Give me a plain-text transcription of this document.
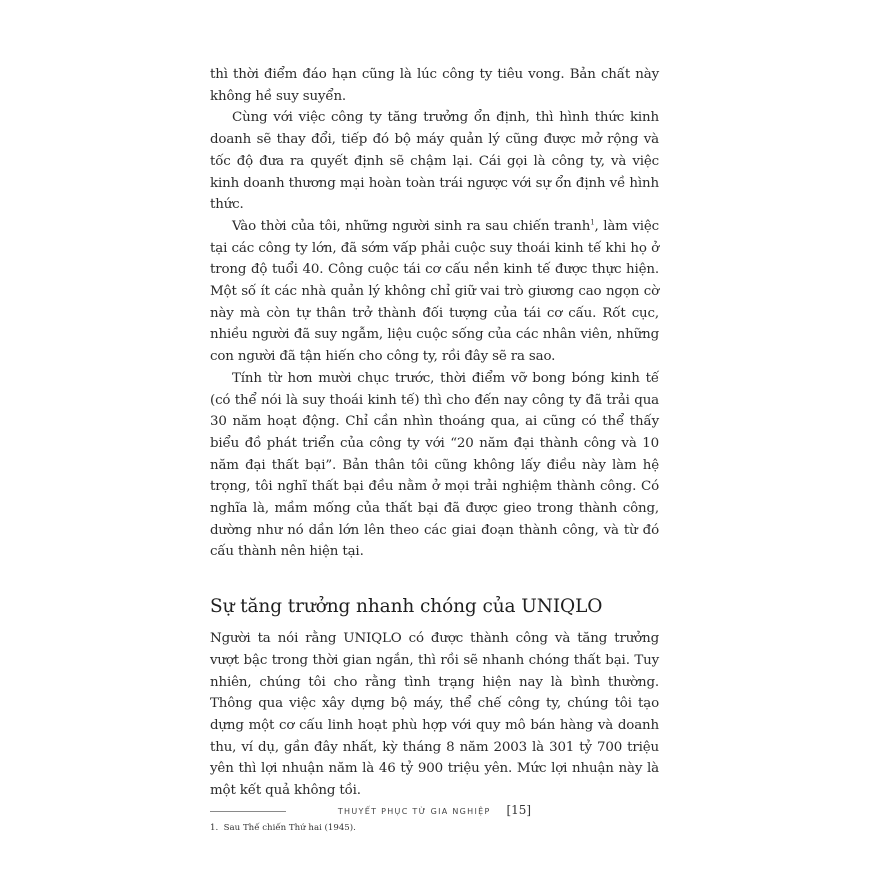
thì thời điểm đáo hạn cũng là lúc công ty tiêu vong. Bản chất này không hề suy suyển.

Cùng với việc công ty tăng trưởng ổn định, thì hình thức kinh doanh sẽ thay đổi, tiếp đó bộ máy quản lý cũng được mở rộng và tốc độ đưa ra quyết định sẽ chậm lại. Cái gọi là công ty, và việc kinh doanh thương mại hoàn toàn trái ngược với sự ổn định về hình thức.

Vào thời của tôi, những người sinh ra sau chiến tranh$^1$, làm việc tại các công ty lớn, đã sớm vấp phải cuộc suy thoái kinh tế khi họ ở trong độ tuổi 40. Công cuộc tái cơ cấu nền kinh tế được thực hiện. Một số ít các nhà quản lý không chỉ giữ vai trò giương cao ngọn cờ này mà còn tự thân trở thành đối tượng của tái cơ cấu. Rốt cục, nhiều người đã suy ngẫm, liệu cuộc sống của các nhân viên, những con người đã tận hiến cho công ty, rồi đây sẽ ra sao.

Tính từ hơn mười chục trước, thời điểm vỡ bong bóng kinh tế (có thể nói là suy thoái kinh tế) thì cho đến nay công ty đã trải qua 30 năm hoạt động. Chỉ cần nhìn thoáng qua, ai cũng có thể thấy biểu đồ phát triển của công ty với “20 năm đại thành công và 10 năm đại thất bại”. Bản thân tôi cũng không lấy điều này làm hệ trọng, tôi nghĩ thất bại đều nằm ở mọi trải nghiệm thành công. Có nghĩa là, mầm mống của thất bại đã được gieo trong thành công, dường như nó dần lớn lên theo các giai đoạn thành công, và từ đó cấu thành nên hiện tại.

Sự tăng trưởng nhanh chóng của UNIQLO

Người ta nói rằng UNIQLO có được thành công và tăng trưởng vượt bậc trong thời gian ngắn, thì rồi sẽ nhanh chóng thất bại. Tuy nhiên, chúng tôi cho rằng tình trạng hiện nay là bình thường. Thông qua việc xây dựng bộ máy, thể chế công ty, chúng tôi tạo dựng một cơ cấu linh hoạt phù hợp với quy mô bán hàng và doanh thu, ví dụ, gần đây nhất, kỳ tháng 8 năm 2003 là 301 tỷ 700 triệu yên thì lợi nhuận năm là 46 tỷ 900 triệu yên. Mức lợi nhuận này là một kết quả không tồi.

1. Sau Thế chiến Thứ hai (1945).
THUYẾT PHỤC TỪ GIA NGHIỆP [15]
